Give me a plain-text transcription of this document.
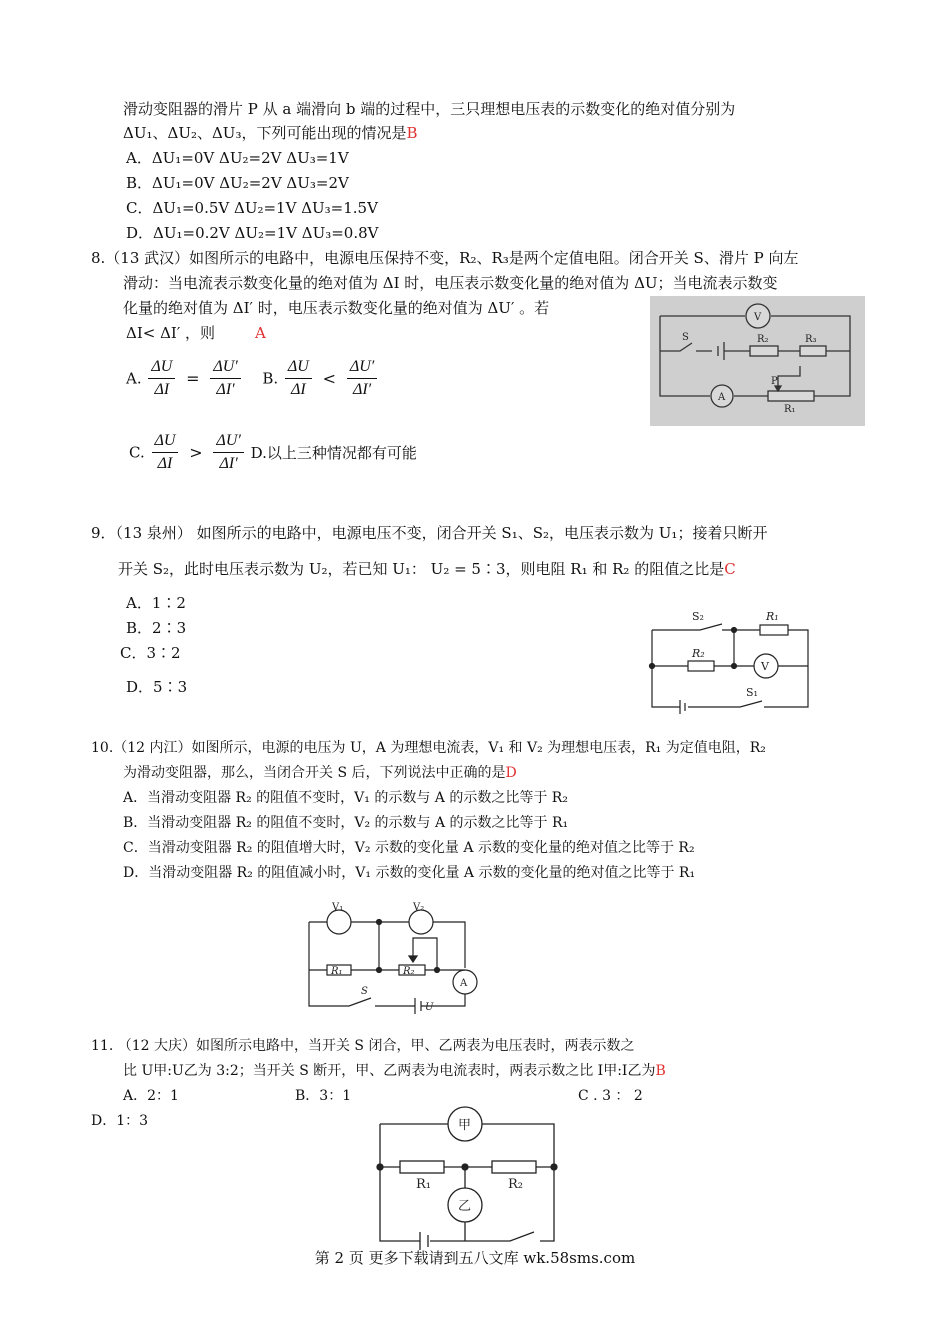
滑动变阻器的滑片 P 从 a 端滑向 b 端的过程中，三只理想电压表的示数变化的绝对值分别为
ΔU₁、ΔU₂、ΔU₃，下列可能出现的情况是B
A．ΔU₁=0V ΔU₂=2V ΔU₃=1V
B．ΔU₁=0V ΔU₂=2V ΔU₃=2V
C．ΔU₁=0.5V ΔU₂=1V ΔU₃=1.5V
D．ΔU₁=0.2V ΔU₂=1V ΔU₃=0.8V
8.（13 武汉）如图所示的电路中，电源电压保持不变，R₂、R₃是两个定值电阻。闭合开关 S、滑片 P 向左
滑动：当电流表示数变化量的绝对值为 ΔI 时，电压表示数变化量的绝对值为 ΔU；当电流表示数变
化量的绝对值为 ΔI′ 时，电压表示数变化量的绝对值为 ΔU′ 。若
ΔI< ΔI′ ，则	A
A. $\frac{\Delta U}{\Delta I} = \frac{\Delta U'}{\Delta I'} B$. $\frac{\Delta U}{\Delta I} < \frac{\Delta U'}{\Delta I'}$
C. $\frac{\Delta U}{\Delta I} > \frac{\Delta U'}{\Delta I'} D$.以上三种情况都有可能
V
S	R₂	R₃
A
P
R₁
9．（13 泉州） 如图所示的电路中，电源电压不变，闭合开关 S₁、S₂，电压表示数为 U₁；接着只断开
开关 S₂，此时电压表示数为 U₂，若已知 U₁： U₂ = 5∶3，则电阻 R₁ 和 R₂ 的阻值之比是C
A．1∶2
B．2∶3
C．3∶2
D．5∶3
S₂	R₁
R₂
V
S₁
10.（12 内江）如图所示，电源的电压为 U，A 为理想电流表，V₁ 和 V₂ 为理想电压表，R₁ 为定值电阻，R₂
为滑动变阻器，那么，当闭合开关 S 后，下列说法中正确的是D
A．当滑动变阻器 R₂ 的阻值不变时，V₁ 的示数与 A 的示数之比等于 R₂
B．当滑动变阻器 R₂ 的阻值不变时，V₂ 的示数与 A 的示数之比等于 R₁
C．当滑动变阻器 R₂ 的阻值增大时，V₂ 示数的变化量 A 示数的变化量的绝对值之比等于 R₂
D．当滑动变阻器 R₂ 的阻值减小时，V₁ 示数的变化量 A 示数的变化量的绝对值之比等于 R₁
V₁	V₂
R₁	R₂
A
S
U
11. （12 大庆）如图所示电路中，当开关 S 闭合，甲、乙两表为电压表时，两表示数之
比 U甲:U乙为 3:2；当开关 S 断开，甲、乙两表为电流表时，两表示数之比 I甲:I乙为B
A．2：1	B．3：1	C . 3 ： 2
D．1：3	甲
R₁	R₂
乙
第 2 页 更多下载请到五八文库 wk.58sms.com
